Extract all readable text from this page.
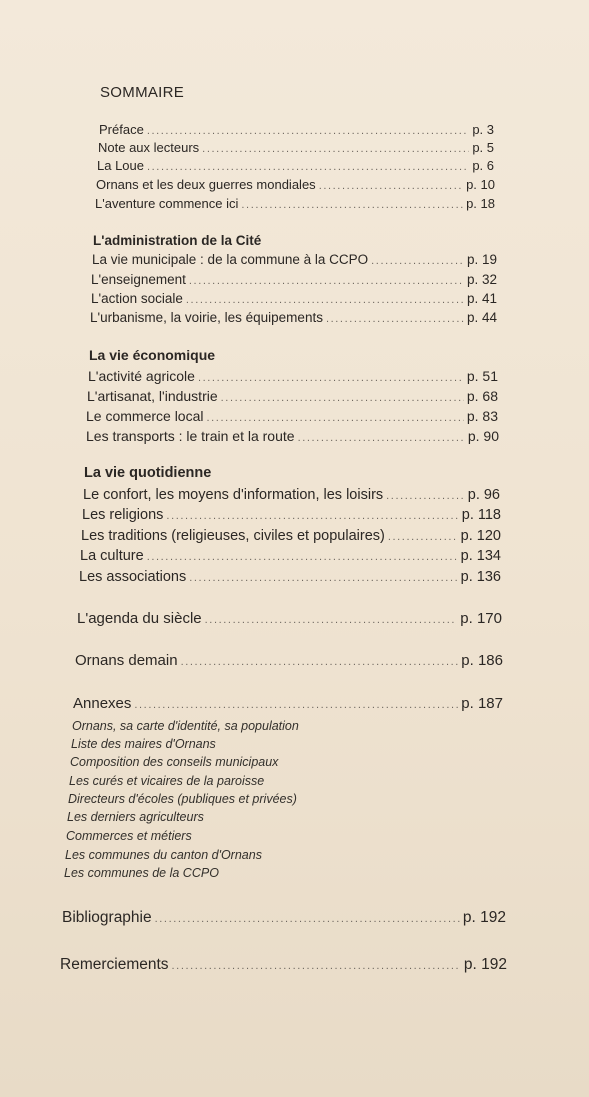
SOMMAIRE
Préface .....	p. 3
Note aux lecteurs .....	p. 5
La Loue .....	p. 6
Ornans et les deux guerres mondiales .....	p. 10
L'aventure commence ici .....	p. 18
L'administration de la Cité
La vie municipale : de la commune à la CCPO .....	p. 19
L'enseignement .....	p. 32
L'action sociale .....	p. 41
L'urbanisme, la voirie, les équipements .....	p. 44
La vie économique
L'activité agricole .....	p. 51
L'artisanat, l'industrie .....	p. 68
Le commerce local .....	p. 83
Les transports : le train et la route .....	p. 90
La vie quotidienne
Le confort, les moyens d'information, les loisirs .....	p. 96
Les religions .....	p. 118
Les traditions (religieuses, civiles et populaires) .....	p. 120
La culture .....	p. 134
Les associations .....	p. 136
L'agenda du siècle .....	p. 170
Ornans demain .....	p. 186
Annexes .....	p. 187
Ornans, sa carte d'identité, sa population
Liste des maires d'Ornans
Composition des conseils municipaux
Les curés et vicaires de la paroisse
Directeurs d'écoles (publiques et privées)
Les derniers agriculteurs
Commerces et métiers
Les communes du canton d'Ornans
Les communes de la CCPO
Bibliographie .....	p. 192
Remerciements .....	p. 192
